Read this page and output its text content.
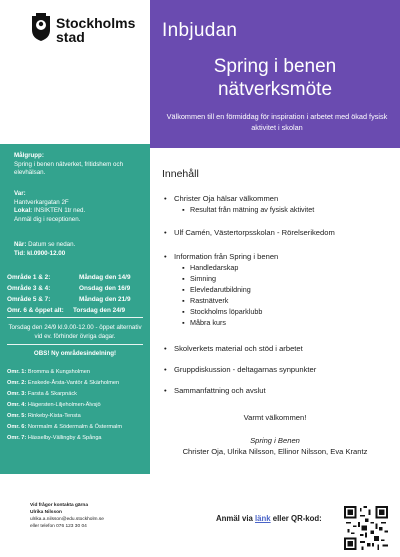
Stockholms
stad	Inbjudan
Spring i benen
nätverksmöte
Välkommen till en förmiddag för inspiration i arbetet med ökad fysisk aktivitet i skolan
Målgrupp:
Spring i benen nätverket, fritidshem och elevhälsan.
Var:
Hantverkargatan 2F
Lokal: INSIKTEN 1tr ned.
Anmäl dig i receptionen.
När: Datum se nedan.
Tid: kl.0900-12.00
Område 1 & 2:	Måndag den 14/9
Område 3 & 4:	Onsdag den 16/9
Område 5 & 7:	Måndag den 21/9
Omr. 6 & öppet alt: Torsdag den 24/9
Torsdag den 24/9 kl.9.00-12.00 - öppet alternativ vid ev. förhinder övriga dagar.
OBS! Ny områdesindelning!
Omr. 1: Bromma & Kungsholmen
Omr. 2: Enskede-Årsta-Vantör & Skärholmen
Omr. 3: Farsta & Skarpnäck
Omr. 4: Hägersten-Liljeholmen-Älvsjö
Omr. 5: Rinkeby-Kista-Tensta
Omr. 6: Norrmalm & Södermalm & Östermalm
Omr. 7: Hässelby-Vällingby & Spånga
Innehåll
• Christer Oja hälsar välkommen
▪ Resultat från mätning av fysisk aktivitet
• Ulf Camén, Västertorpsskolan - Rörelserikedom
• Information från Spring i benen
▪ Handledarskap
▪ Simning
▪ Elevledarutbildning
▪ Rastnätverk
▪ Stockholms löparklubb
▪ Måbra kurs
• Skolverkets material och stöd i arbetet
• Gruppdiskussion - deltagarnas synpunkter
• Sammanfattning och avslut
Varmt välkommen!
Spring i Benen
Christer Oja, Ulrika Nilsson, Ellinor Nilsson, Eva Krantz
Vid frågor kontakta gärna
Ulrika Nilsson
ulrika.a.nilsson@edu.stockholm.se
eller telefon 076 123 30 04
Anmäl via länk eller QR-kod:
